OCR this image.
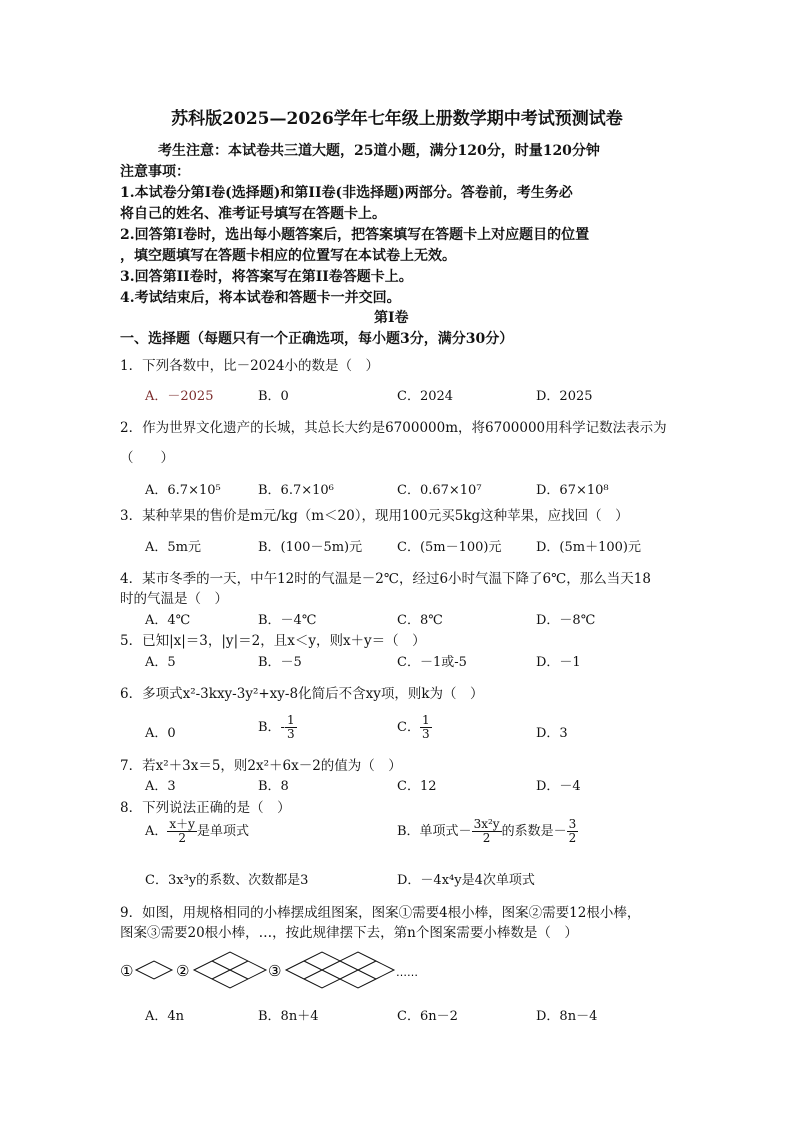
苏科版2025—2026学年七年级上册数学期中考试预测试卷
考生注意：本试卷共三道大题，25道小题，满分120分，时量120分钟
注意事项：
1.本试卷分第Ⅰ卷(选择题)和第II卷(非选择题)两部分。答卷前，考生务必
将自己的姓名、准考证号填写在答题卡上。
2.回答第Ⅰ卷时，选出每小题答案后，把答案填写在答题卡上对应题目的位置
，填空题填写在答题卡相应的位置写在本试卷上无效。
3.回答第II卷时，将答案写在第II卷答题卡上。
4.考试结束后，将本试卷和答题卡一并交回。
第Ⅰ卷
一、选择题（每题只有一个正确选项，每小题3分，满分30分）
1．下列各数中，比－2024小的数是（　）
A．－2025	B．0	C．2024	D．2025
2．作为世界文化遗产的长城，其总长大约是6700000m，将6700000用科学记数法表示为
（　　）
A．6.7×10⁵	B．6.7×10⁶	C．0.67×10⁷	D．67×10⁸
3．某种苹果的售价是m元/kg（m＜20），现用100元买5kg这种苹果，应找回（　）
A．5m元	B．(100－5m)元	C．(5m－100)元	D．(5m＋100)元
4．某市冬季的一天，中午12时的气温是－2℃，经过6小时气温下降了6℃，那么当天18
时的气温是（　）
A．4℃	B．－4℃	C．8℃	D．－8℃
5．已知|x|＝3，|y|＝2，且x＜y，则x＋y＝（　）
A．5	B．－5	C．－1或-5	D．－1
6．多项式x²-3kxy-3y²+xy-8化简后不含xy项，则k为（　）
A．0	B．- $\frac{1}{3}$	C． $\frac{1}{3}$	D．3
7．若x²＋3x＝5，则2x²＋6x－2的值为（　）
A．3	B．8	C．12	D．－4
8．下列说法正确的是（　）
A． $\frac{x+y}{2}$ 是单项式	B．单项式－ $\frac{\text{3x²y}}{2}$ 的系数是－ $\frac{3}{2}$
C．3x³y的系数、次数都是3	D．－4x⁴y是4次单项式
9．如图，用规格相同的小棒摆成组图案，图案①需要4根小棒，图案②需要12根小棒，
图案③需要20根小棒，…，按此规律摆下去，第n个图案需要小棒数是（　）
①	②	③	……
A．4n	B．8n＋4	C．6n－2	D．8n－4
